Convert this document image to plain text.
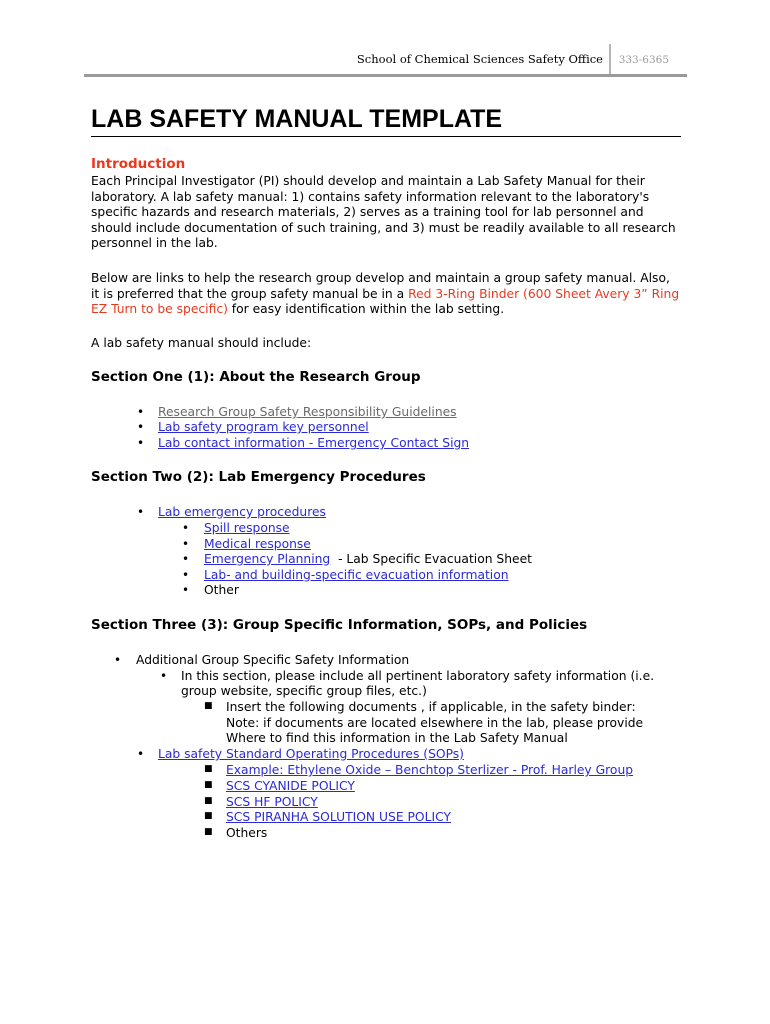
School of Chemical Sciences Safety Office 333-6365
LAB SAFETY MANUAL TEMPLATE
Introduction

Each Principal Investigator (PI) should develop and maintain a Lab Safety Manual for their laboratory. A lab safety manual: 1) contains safety information relevant to the laboratory's specific hazards and research materials, 2) serves as a training tool for lab personnel and should include documentation of such training, and 3) must be readily available to all research personnel in the lab.

Below are links to help the research group develop and maintain a group safety manual. Also, it is preferred that the group safety manual be in a Red 3-Ring Binder (600 Sheet Avery 3” Ring EZ Turn to be specific) for easy identification within the lab setting.

A lab safety manual should include:

Section One (1): About the Research Group
• Research Group Safety Responsibility Guidelines
• Lab safety program key personnel
• Lab contact information - Emergency Contact Sign
Section Two (2): Lab Emergency Procedures
• Lab emergency procedures
• Spill response
• Medical response
• Emergency Planning  - Lab Specific Evacuation Sheet
• Lab- and building-specific evacuation information
• Other
Section Three (3): Group Specific Information, SOPs, and Policies
• Additional Group Specific Safety Information
• In this section, please include all pertinent laboratory safety information (i.e.
group website, specific group files, etc.)
■ Insert the following documents , if applicable, in the safety binder:
Note: if documents are located elsewhere in the lab, please provide
Where to find this information in the Lab Safety Manual
• Lab safety Standard Operating Procedures (SOPs)
■ Example: Ethylene Oxide – Benchtop Sterlizer - Prof. Harley Group
■ SCS CYANIDE POLICY
■ SCS HF POLICY
■ SCS PIRANHA SOLUTION USE POLICY
■ Others
